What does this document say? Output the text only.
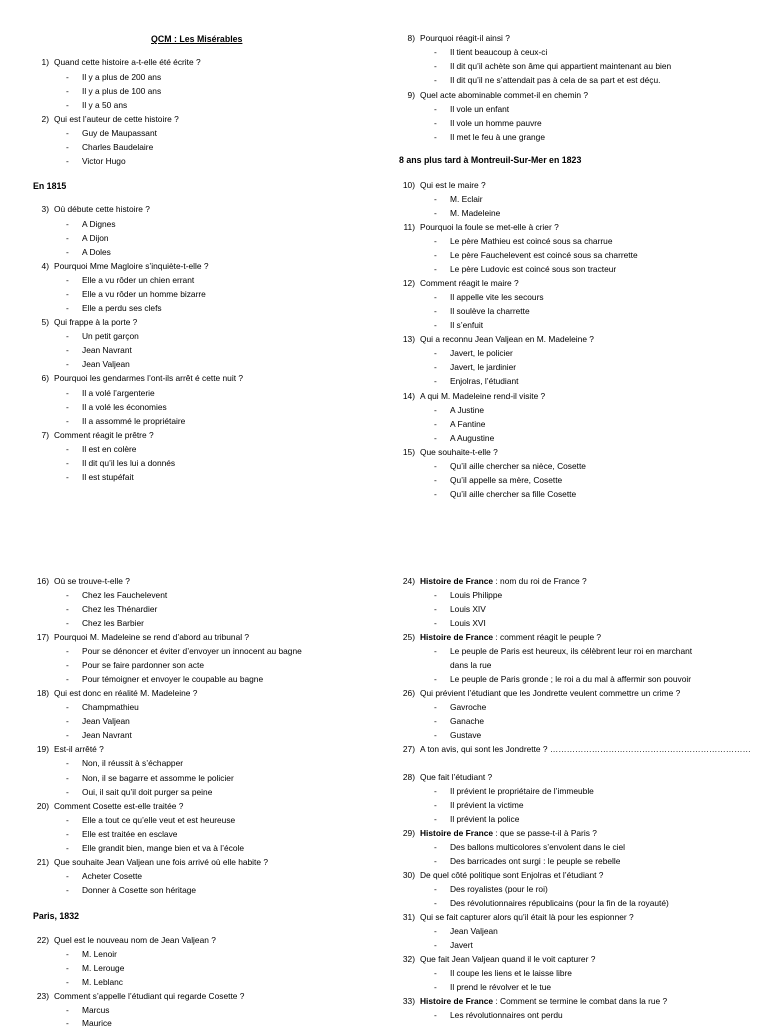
QCM : Les Misérables
En 1815
8 ans plus tard à Montreuil-Sur-Mer en 1823
Paris, 1832
1) Quand cette histoire a-t-elle été écrite ?
- Il y a plus de 200 ans
- Il y a plus de 100 ans
- Il y a 50 ans
2) Qui est l’auteur de cette histoire ?
- Guy de Maupassant
- Charles Baudelaire
- Victor Hugo
3) Où débute cette histoire ?
- A Dignes
- A Dijon
- A Doles
4) Pourquoi Mme Magloire s’inquiète-t-elle ?
- Elle a vu rôder un chien errant
- Elle a vu rôder un homme bizarre
- Elle a perdu ses clefs
5) Qui frappe à la porte ?
- Un petit garçon
- Jean Navrant
- Jean Valjean
6) Pourquoi les gendarmes l’ont-ils arrêt é cette nuit ?
- Il a volé l’argenterie
- Il a volé les économies
- Il a assommé le propriétaire
7) Comment réagit le prêtre ?
- Il est en colère
- Il dit qu’il les lui a donnés
- Il est stupéfait
8) Pourquoi réagit-il ainsi ?
- Il tient beaucoup à ceux-ci
- Il dit qu’il achète son âme qui appartient maintenant au bien
- Il dit qu’il ne s’attendait pas à cela de sa part et est déçu.
9) Quel acte abominable commet-il en chemin ?
- Il vole un enfant
- Il vole un homme pauvre
- Il met le feu à une grange
10) Qui est le maire ?
- M. Eclair
- M. Madeleine
11) Pourquoi la foule se met-elle à crier ?
- Le père Mathieu est coincé sous sa charrue
- Le père Fauchelevent est coincé sous sa charrette
- Le père Ludovic est coincé sous son tracteur
12) Comment réagit le maire ?
- Il appelle vite les secours
- Il soulève la charrette
- Il s’enfuit
13) Qui a reconnu Jean Valjean en M. Madeleine ?
- Javert, le policier
- Javert, le jardinier
- Enjolras, l’étudiant
14) A qui M. Madeleine rend-il visite ?
- A Justine
- A Fantine
- A Augustine
15) Que souhaite-t-elle ?
- Qu’il aille chercher sa nièce, Cosette
- Qu’il appelle sa mère, Cosette
- Qu’il aille chercher sa fille Cosette
16) Où se trouve-t-elle ?
- Chez les Fauchelevent
- Chez les Thénardier
- Chez les Barbier
17) Pourquoi M. Madeleine se rend d’abord au tribunal ?
- Pour se dénoncer et éviter d’envoyer un innocent au bagne
- Pour se faire pardonner son acte
- Pour témoigner et envoyer le coupable au bagne
18) Qui est donc en réalité M. Madeleine ?
- Champmathieu
- Jean Valjean
- Jean Navrant
19) Est-il arrêté ?
- Non, il réussit à s’échapper
- Non, il se bagarre et assomme le policier
- Oui, il sait qu’il doit purger sa peine
20) Comment Cosette est-elle traitée ?
- Elle a tout ce qu’elle veut et est heureuse
- Elle est traitée en esclave
- Elle grandit bien, mange bien et va à l’école
21) Que souhaite Jean Valjean une fois arrivé où elle habite ?
- Acheter Cosette
- Donner à Cosette son héritage
22) Quel est le nouveau nom de Jean Valjean ?
- M. Lenoir
- M. Lerouge
- M. Leblanc
23) Comment s’appelle l’étudiant qui regarde Cosette ?
- Marcus
- Maurice
24) Histoire de France : nom du roi de France ?
- Louis Philippe
- Louis XIV
- Louis XVI
25) Histoire de France : comment réagit le peuple ?
- Le peuple de Paris est heureux, ils célèbrent leur roi en marchant
dans la rue
- Le peuple de Paris gronde ; le roi a du mal à affermir son pouvoir
26) Qui prévient l’étudiant que les Jondrette veulent commettre un crime ?
- Gavroche
- Ganache
- Gustave
27) A ton avis, qui sont les Jondrette ? ………………………………………………………………
28) Que fait l’étudiant ?
- Il prévient le propriétaire de l’immeuble
- Il prévient la victime
- Il prévient la police
29) Histoire de France : que se passe-t-il à Paris ?
- Des ballons multicolores s’envolent dans le ciel
- Des barricades ont surgi : le peuple se rebelle
30) De quel côté politique sont Enjolras et l’étudiant ?
- Des royalistes (pour le roi)
- Des révolutionnaires républicains (pour la fin de la royauté)
31) Qui se fait capturer alors qu’il était là pour les espionner ?
- Jean Valjean
- Javert
32) Que fait Jean Valjean quand il le voit capturer ?
- Il coupe les liens et le laisse libre
- Il prend le révolver et le tue
33) Histoire de France : Comment se termine le combat dans la rue ?
- Les révolutionnaires ont perdu
